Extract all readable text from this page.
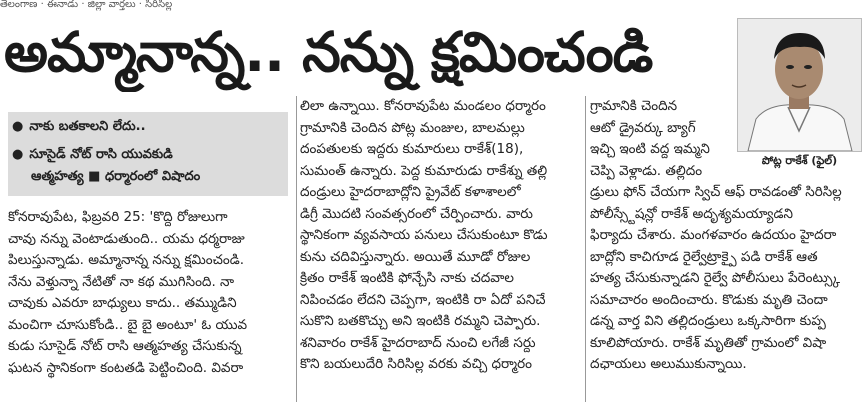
తెలంగాణ · ఈనాడు · జిల్లా వార్తలు · సిరిసిల్ల
అమ్మానాన్న.. నన్ను క్షమించండి
పోట్ల రాకేశ్ (ఫైల్)
● నాకు బతకాలని లేదు..
● సూసైడ్ నోట్ రాసి యువకుడి
ఆత్మహత్య ■ ధర్మారంలో విషాదం
కోనరావుపేట, ఫిబ్రవరి 25: 'కొద్ది రోజులుగా
చావు నన్ను వెంటాడుతుంది.. యమ ధర్మరాజు
పిలుస్తున్నాడు. అమ్మానాన్న నన్ను క్షమించండి.
నేను వెళ్తున్నా నేటితో నా కథ ముగిసింది. నా
చావుకు ఎవరూ బాధ్యులు కాదు.. తమ్ముడిని
మంచిగా చూసుకోండి.. బై బై అంటూ' ఓ యువ
కుడు సూసైడ్ నోట్ రాసి ఆత్మహత్య చేసుకున్న
ఘటన స్థానికంగా కంటతడి పెట్టించింది. వివరా
లిలా ఉన్నాయి. కోనరావుపేట మండలం ధర్మారం
గ్రామానికి చెందిన పోట్ల మంజుల, బాలమల్లు
దంపతులకు ఇద్దరు కుమారులు రాకేశ్(18),
సుమంత్ ఉన్నారు. పెద్ద కుమారుడు రాకేశ్ను తల్లి
దండ్రులు హైదరాబాద్లోని ప్రైవేట్ కళాశాలలో
డిగ్రీ మొదటి సంవత్సరంలో చేర్పించారు. వారు
స్థానికంగా వ్యవసాయ పనులు చేసుకుంటూ కొడు
కును చదివిస్తున్నారు. అయితే మూడో రోజుల
క్రితం రాకేశ్ ఇంటికి ఫోన్చేసి నాకు చదవాల
నిపించడం లేదని చెప్పగా, ఇంటికి రా ఏదో పనిచే
సుకొని బతకొచ్చు అని ఇంటికి రమ్మని చెప్పారు.
శనివారం రాకేశ్ హైదరాబాద్ నుంచి లగేజీ సర్దు
కొని బయలుదేరి సిరిసిల్ల వరకు వచ్చి ధర్మారం
గ్రామానికి చెందిన
ఆటో డ్రైవర్కు బ్యాగ్
ఇచ్చి ఇంటి వద్ద ఇమ్మని
చెప్పి వెళ్లాడు. తల్లిదం
డ్రులు ఫోన్ చేయగా స్విచ్ ఆఫ్ రావడంతో సిరిసిల్ల
పోలీస్స్టేషన్లో రాకేశ్ అదృశ్యమయ్యాడని
ఫిర్యాదు చేశారు. మంగళవారం ఉదయం హైదరా
బాద్లోని కాచిగూడ రైల్వేట్రాక్పై పడి రాకేశ్ ఆత
హత్య చేసుకున్నాడని రైల్వే పోలీసులు పేరెంట్స్కు
సమాచారం అందించారు. కొడుకు మృతి చెందా
డన్న వార్త విని తల్లిదండ్రులు ఒక్కసారిగా కుప్ప
కూలిపోయారు. రాకేశ్ మృతితో గ్రామంలో విషా
దఛాయలు అలుముకున్నాయి.
